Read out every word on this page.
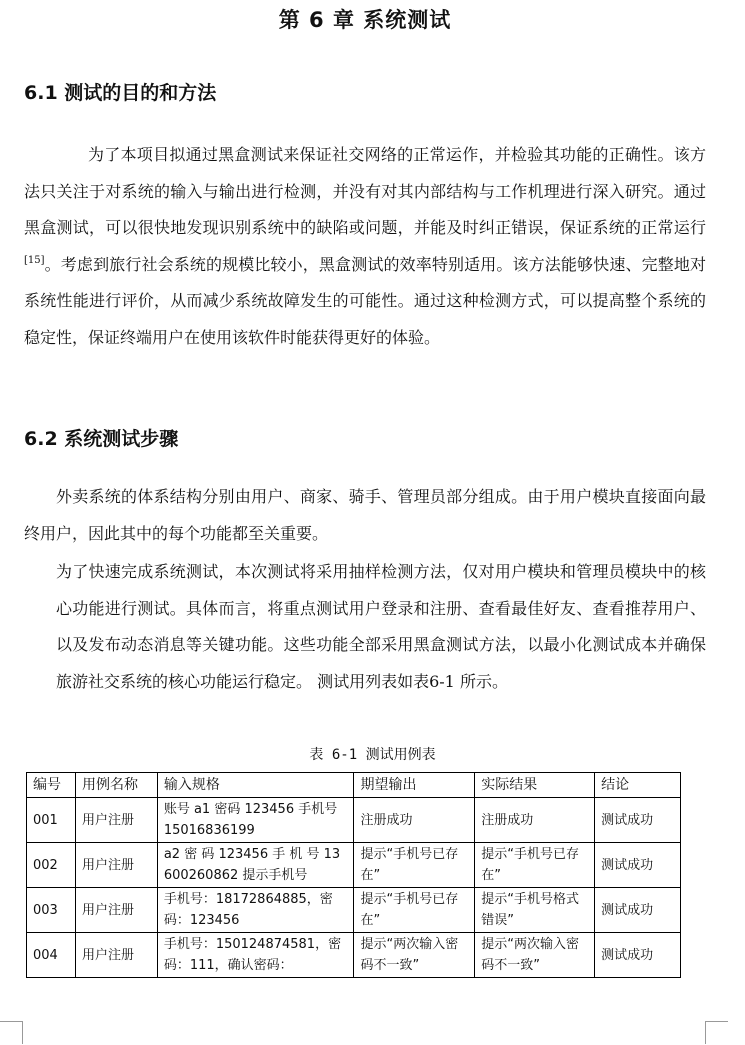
第 6 章 系统测试
6.1 测试的目的和方法

为了本项目拟通过黑盒测试来保证社交网络的正常运作，并检验其功能的正确性。该方法只关注于对系统的输入与输出进行检测，并没有对其内部结构与工作机理进行深入研究。通过黑盒测试，可以很快地发现识别系统中的缺陷或问题，并能及时纠正错误，保证系统的正常运行[15]。考虑到旅行社会系统的规模比较小，黑盒测试的效率特别适用。该方法能够快速、完整地对系统性能进行评价，从而减少系统故障发生的可能性。通过这种检测方式，可以提高整个系统的稳定性，保证终端用户在使用该软件时能获得更好的体验。

6.2 系统测试步骤

外卖系统的体系结构分别由用户、商家、骑手、管理员部分组成。由于用户模块直接面向最终用户，因此其中的每个功能都至关重要。

为了快速完成系统测试，本次测试将采用抽样检测方法，仅对用户模块和管理员模块中的核心功能进行测试。具体而言，将重点测试用户登录和注册、查看最佳好友、查看推荐用户、以及发布动态消息等关键功能。这些功能全部采用黑盒测试方法，以最小化测试成本并确保旅游社交系统的核心功能运行稳定。 测试用列表如表6-1 所示。

表 6-1 测试用例表
编号	用例名称	输入规格	期望输出	实际结果	结论
001	用户注册	账号 a1 密码 123456 手机号 15016836199	注册成功	注册成功	测试成功
002	用户注册	a2 密 码 123456 手 机 号 13600260862 提示手机号	提示“手机号已存在”	提示“手机号已存在”	测试成功
003	用户注册	手机号：18172864885，密码：123456	提示“手机号已存在”	提示“手机号格式错误”	测试成功
004	用户注册	手机号：150124874581，密码：111，确认密码：	提示“两次输入密码不一致”	提示“两次输入密码不一致”	测试成功
